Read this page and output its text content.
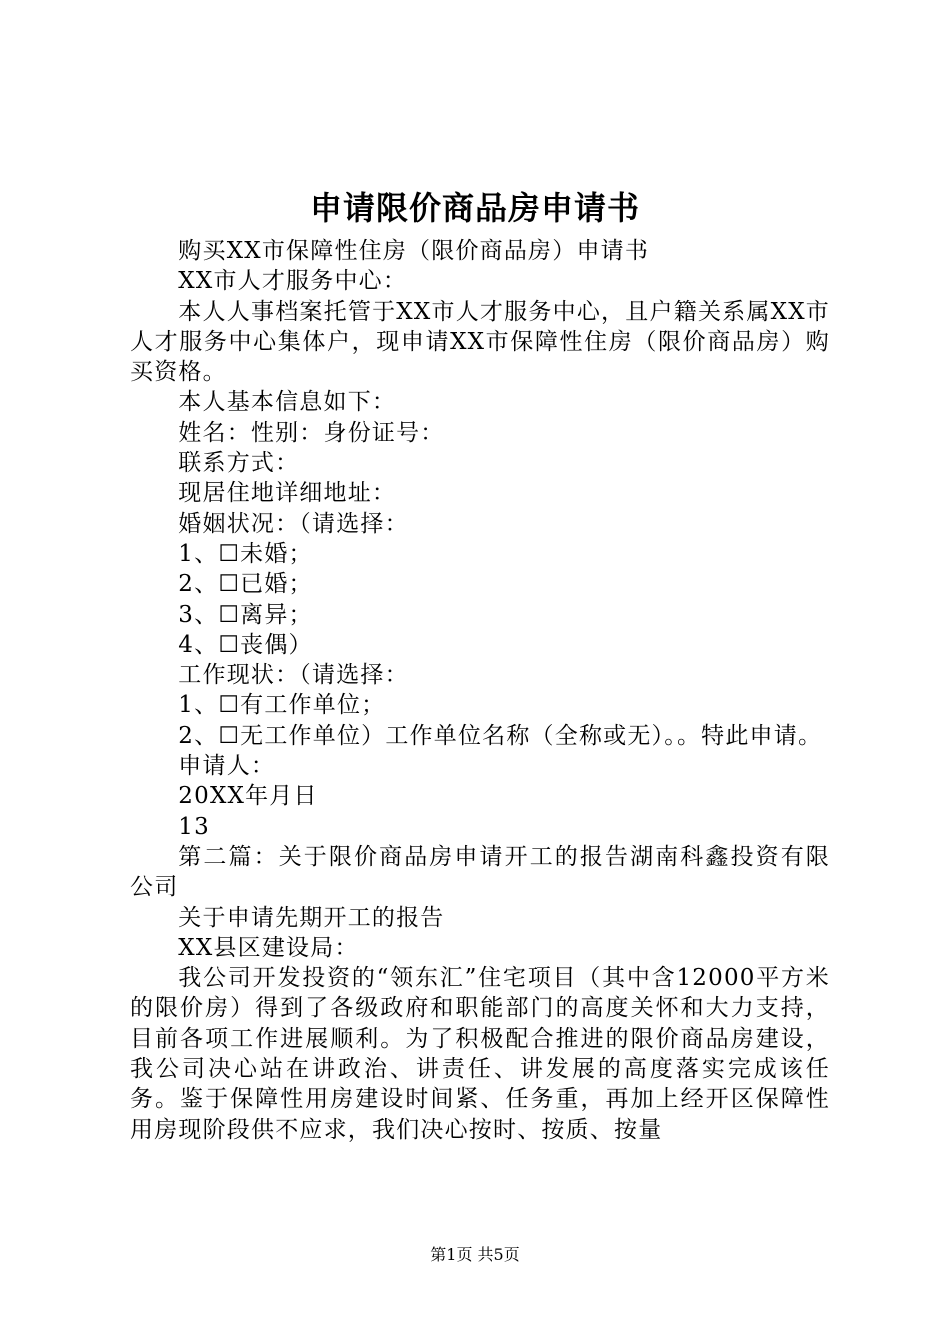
申请限价商品房申请书

购买XX市保障性住房（限价商品房）申请书

XX市人才服务中心：

本人人事档案托管于XX市人才服务中心，且户籍关系属XX市人才服务中心集体户，现申请XX市保障性住房（限价商品房）购买资格。

本人基本信息如下：

姓名：性别：身份证号：

联系方式：

现居住地详细地址：

婚姻状况：（请选择：

1、☐未婚；

2、☐已婚；

3、☐离异；

4、☐丧偶）

工作现状：（请选择：

1、☐有工作单位；

2、☐无工作单位）工作单位名称（全称或无）。。特此申请。

申请人：

20XX年月日

13

第二篇：关于限价商品房申请开工的报告湖南科鑫投资有限公司

关于申请先期开工的报告

XX县区建设局：

我公司开发投资的“领东汇”住宅项目（其中含12000平方米的限价房）得到了各级政府和职能部门的高度关怀和大力支持，目前各项工作进展顺利。为了积极配合推进的限价商品房建设，我公司决心站在讲政治、讲责任、讲发展的高度落实完成该任务。鉴于保障性用房建设时间紧、任务重，再加上经开区保障性用房现阶段供不应求，我们决心按时、按质、按量

第1页 共5页
